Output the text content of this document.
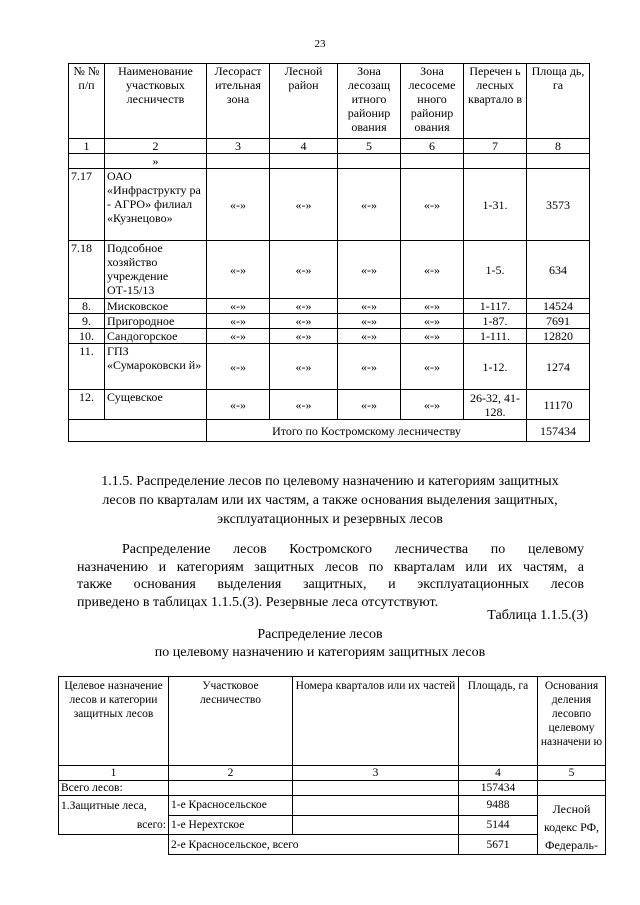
23
№ № п/п	Наименование участковых лесничеств	Лесораст ительная зона	Лесной район	Зона лесозащ итного районир ования	Зона лесосеме нного районир ования	Перечен ь лесных кварталo в	Площа дь, га
1	2	3	4	5	6	7	8
	»						
7.17	ОАО «Инфраструкту ра - АГРО» филиал «Кузнецово»	«-»	«-»	«-»	«-»	1-31.	3573
7.18	Подсобное хозяйство учреждение ОТ-15/13	«-»	«-»	«-»	«-»	1-5.	634
8.	Мисковское	«-»	«-»	«-»	«-»	1-117.	14524
9.	Пригородное	«-»	«-»	«-»	«-»	1-87.	7691
10.	Сандогорское	«-»	«-»	«-»	«-»	1-111.	12820
11.	ГПЗ «Сумароковски й»	«-»	«-»	«-»	«-»	1-12.	1274
12.	Сущевское	«-»	«-»	«-»	«-»	26-32, 41-128.	11170
		Итого по Костромскому лесничеству					157434
1.1.5. Распределение лесов по целевому назначению и категориям защитных
лесов по кварталам или их частям, а также основания выделения защитных,
эксплуатационных и резервных лесов
Распределение лесов Костромского лесничества по целевому
назначению и категориям защитных лесов по кварталам или их частям, а
также основания выделения защитных, и эксплуатационных лесов
приведено в таблицах 1.1.5.(3). Резервные леса отсутствуют.
Таблица 1.1.5.(3)
Распределение лесов
по целевому назначению и категориям защитных лесов
Целевое назначение лесов и категории защитных лесов	Участковое лесничество	Номера кварталов или их частей	Площадь, га	Основания деления лесовпо целевому назначени ю
1	2	3	4	5
Всего лесов:			157434	
1.Защитные леса,	1-е Красносельское		9488	Лесной кодекс РФ, Федераль-
всего:	1-е Нерехтское		5144	
	2-е Красносельское, всего		5671	
